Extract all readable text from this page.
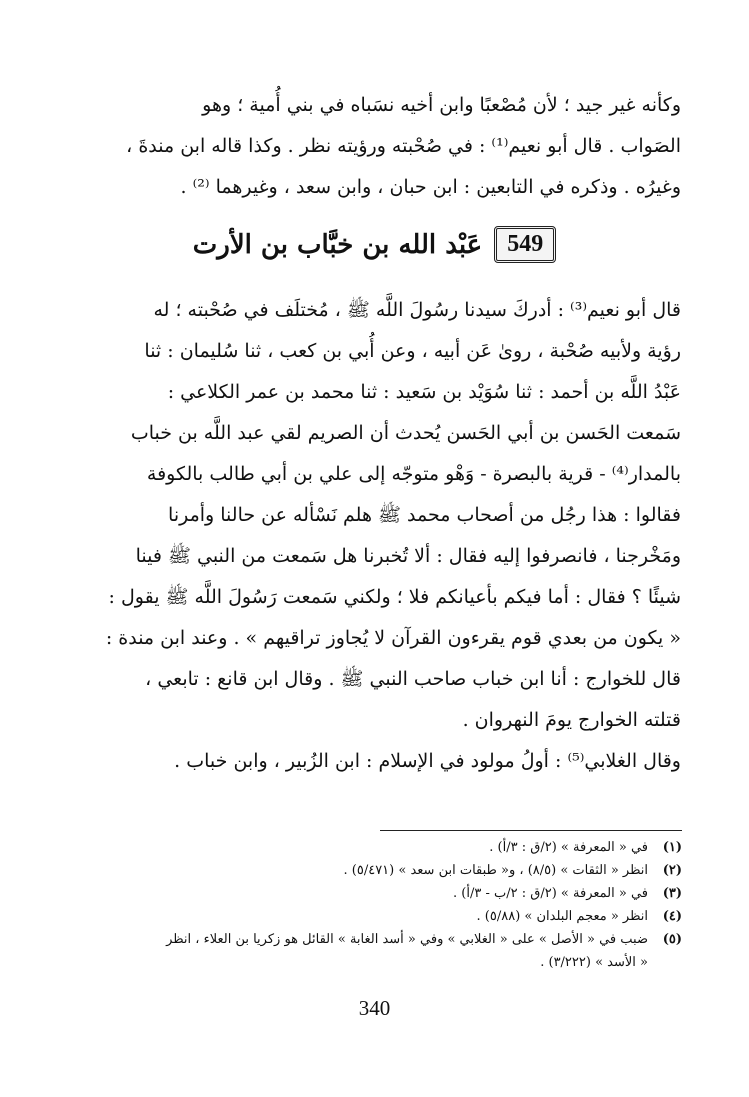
وكأنه غير جيد ؛ لأن مُصْعبًا وابن أخيه نسَباه في بني أُمية ؛ وهو
الصَواب . قال أبو نعيم⁽¹⁾ : في صُحْبته ورؤيته نظر . وكذا قاله ابن مندةَ ،
وغيرُه . وذكره في التابعين : ابن حبان ، وابن سعد ، وغيرهما ⁽²⁾ .
549
عَبْد الله بن خبَّاب بن الأرت
قال أبو نعيم⁽³⁾ : أدركَ سيدنا رسُولَ اللَّه ﷺ ، مُختلَف في صُحْبته ؛ له
رؤية ولأبيه صُحْبة ، روىٰ عَن أبيه ، وعن أُبي بن كعب ، ثنا سُليمان : ثنا
عَبْدُ اللَّه بن أحمد : ثنا سُوَيْد بن سَعيد : ثنا محمد بن عمر الكلاعي :
سَمعت الحَسن بن أبي الحَسن يُحدث أن الصريم لقي عبد اللَّه بن خباب
بالمدار⁽⁴⁾ - قرية بالبصرة - وَهْو متوجّه إلى علي بن أبي طالب بالكوفة
فقالوا : هذا رجُل من أصحاب محمد ﷺ هلم نَسْأله عن حالنا وأمرنا
ومَخْرجنا ، فانصرفوا إليه فقال : ألا تُخبرنا هل سَمعت من النبي ﷺ فينا
شيئًا ؟ فقال : أما فيكم بأعيانكم فلا ؛ ولكني سَمعت رَسُولَ اللَّه ﷺ يقول :
« يكون من بعدي قوم يقرءون القرآن لا يُجاوز تراقيهم » . وعند ابن مندة :
قال للخوارج : أنا ابن خباب صاحب النبي ﷺ . وقال ابن قانع : تابعي ،
قتلته الخوارج يومَ النهروان .
وقال الغلابي⁽⁵⁾ : أولُ مولود في الإسلام : ابن الزُبير ، وابن خباب .
(١)في « المعرفة » (٢/ق : ٣/أ) .
(٢)انظر « الثقات » (٨/٥) ، و« طبقات ابن سعد » (٥/٤٧١) .
(٣)في « المعرفة » (٢/ق : ٢/ب - ٣/أ) .
(٤)انظر « معجم البلدان » (٥/٨٨) .
(٥)ضبب في « الأصل » على « الغلابي » وفي « أسد الغابة » القائل هو زكريا بن العلاء ، انظر
« الأسد » (٣/٢٢٢) .
340
